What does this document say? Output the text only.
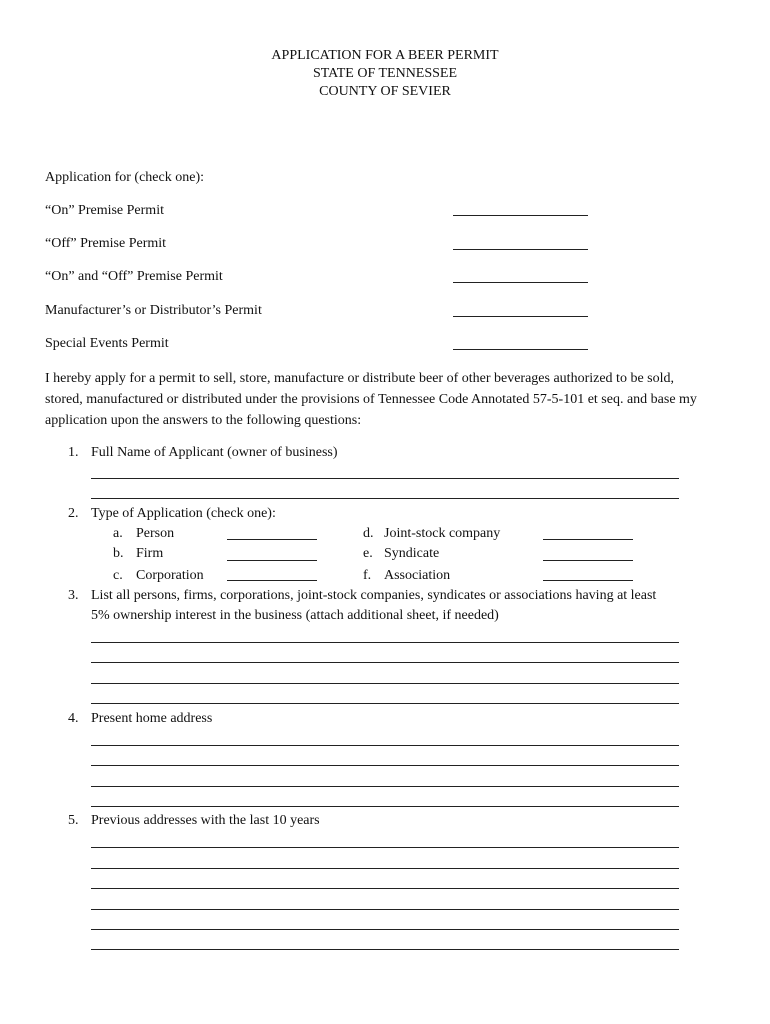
APPLICATION FOR A BEER PERMIT
STATE OF TENNESSEE
COUNTY OF SEVIER
Application for (check one):
“On” Premise Permit
“Off” Premise Permit
“On” and “Off” Premise Permit
Manufacturer’s or Distributor’s Permit
Special Events Permit
I hereby apply for a permit to sell, store, manufacture or distribute beer of other beverages authorized to be sold, stored, manufactured or distributed under the provisions of Tennessee Code Annotated 57-5-101 et seq. and base my application upon the answers to the following questions:
1. Full Name of Applicant (owner of business)
2. Type of Application (check one):
a. Person
b. Firm
c. Corporation
d. Joint-stock company
e. Syndicate
f. Association
3. List all persons, firms, corporations, joint-stock companies, syndicates or associations having at least
5% ownership interest in the business (attach additional sheet, if needed)
4. Present home address
5. Previous addresses with the last 10 years
